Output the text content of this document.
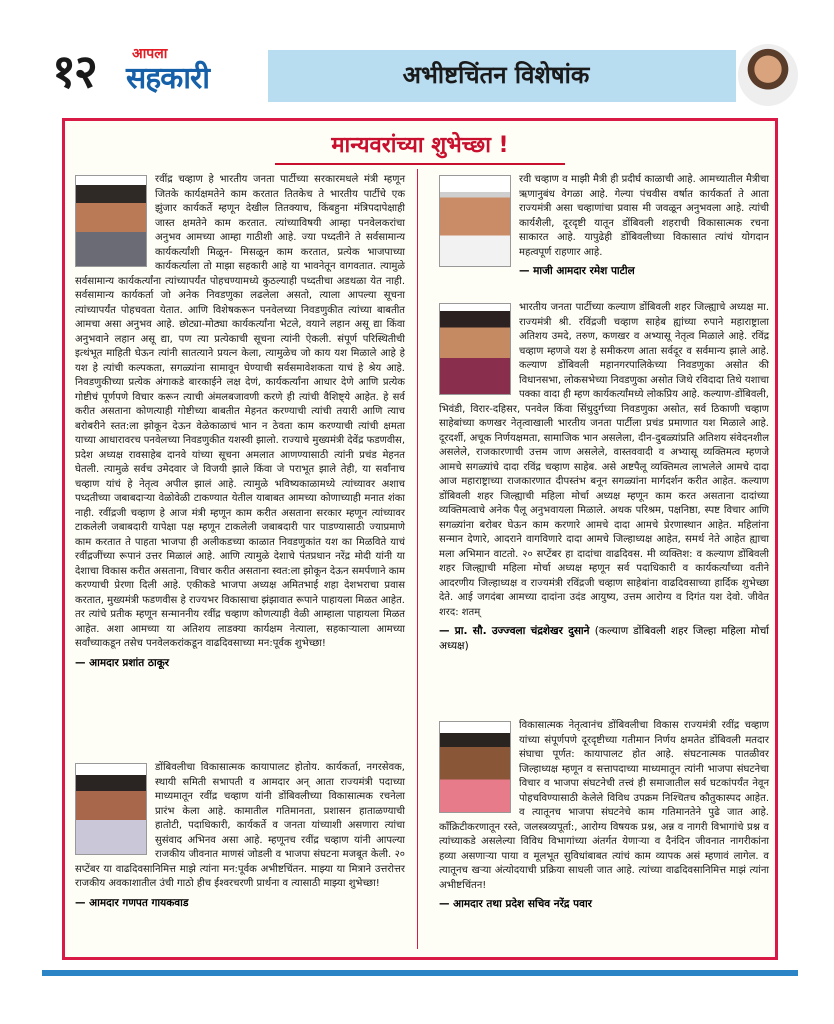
१२	आपला
सहकारी	अभीष्टचिंतन विशेषांक
मान्यवरांच्या शुभेच्छा !
रवींद्र चव्हाण हे भारतीय जनता पार्टीच्या सरकारमधले मंत्री म्हणून जितके कार्यक्षमतेने काम करतात तितकेच ते भारतीय पार्टीचे एक झुंजार कार्यकर्ते म्हणून देखील तितक्याच, किंबहुना मंत्रिपदापेक्षाही जास्त क्षमतेने काम करतात. त्यांच्याविषयी आम्हा पनवेलकरांचा अनुभव आमच्या आम्हा गाठीशी आहे. ज्या पध्दतीने ते सर्वसामान्य कार्यकर्त्यांशी मिळून- मिसळून काम करतात, प्रत्येक भाजपाच्या कार्यकर्त्याला तो माझा सहकारी आहे या भावनेतून वागवतात. त्यामुळे सर्वसामान्य कार्यकर्त्यांना त्यांच्यापर्यंत पोहचण्यामध्ये कुठल्याही पध्दतीचा अडथळा येत नाही. सर्वसामान्य कार्यकर्ता जो अनेक निवडणुका लढलेला असतो, त्याला आपल्या सूचना त्यांच्यापर्यंत पोहचवता येतात. आणि विशेषकरून पनवेलच्या निवडणुकीत त्यांच्या बाबतीत आमचा असा अनुभव आहे. छोट्या-मोठ्या कार्यकर्त्यांना भेटले, वयाने लहान असू द्या किंवा अनुभवाने लहान असू द्या, पण त्या प्रत्येकाची सूचना त्यांनी ऐकली. संपूर्ण परिस्थितीची इत्थंभूत माहिती घेऊन त्यांनी सातत्याने प्रयत्न केला, त्यामुळेच जो काय यश मिळाले आहे हे यश हे त्यांची कल्पकता, सगळ्यांना सामावून घेण्याची सर्वसमावेशकता याचं हे श्रेय आहे. निवडणुकीच्या प्रत्येक अंगाकडे बारकाईने लक्ष देणं, कार्यकर्त्यांना आधार देणे आणि प्रत्येक गोष्टीचं पूर्णपणे विचार करून त्याची अंमलबजावणी करणे ही त्यांची वैशिष्ट्ये आहेत. हे सर्व करीत असताना कोणत्याही गोष्टीच्या बाबतीत मेहनत करण्याची त्यांची तयारी आणि त्याच बरोबरीने स्तत:ला झोकून देऊन वेळेकाळाचं भान न ठेवता काम करण्याची त्यांची क्षमता याच्या आधारावरच पनवेलच्या निवडणुकीत यशस्वी झालो. राज्याचे मुख्यमंत्री देवेंद्र फडणवीस, प्रदेश अध्यक्ष रावसाहेब दानवे यांच्या सूचना अमलात आणण्यासाठी त्यांनी प्रचंड मेहनत घेतली. त्यामुळे सर्वच उमेदवार जे विजयी झाले किंवा जे पराभूत झाले तेही, या सर्वांनाच चव्हाण यांचं हे नेतृत्व अपील झालं आहे. त्यामुळे भविष्यकाळामध्ये त्यांच्यावर अशाच पध्दतीच्या जबाबदाऱ्या वेळोवेळी टाकण्यात येतील याबाबत आमच्या कोणाच्याही मनात शंका नाही. रवींद्रजी चव्हाण हे आज मंत्री म्हणून काम करीत असताना सरकार म्हणून त्यांच्यावर टाकलेली जबाबदारी यापेक्षा पक्ष म्हणून टाकलेली जबाबदारी पार पाडण्यासाठी ज्याप्रमाणे काम करतात ते पाहता भाजपा ही अलीकडच्या काळात निवडणुकांत यश का मिळविते याचं रवींद्रजींच्या रूपानं उत्तर मिळालं आहे. आणि त्यामुळे देशाचे पंतप्रधान नरेंद्र मोदी यांनी या देशाचा विकास करीत असताना, विचार करीत असताना स्वत:ला झोकून देऊन समर्पणाने काम करण्याची प्रेरणा दिली आहे. एकीकडे भाजपा अध्यक्ष अमितभाई शहा देशभराचा प्रवास करतात, मुख्यमंत्री फडणवीस हे राज्यभर विकासाचा झंझावात रूपाने पाहायला मिळत आहेत. तर त्यांचे प्रतीक म्हणून सन्माननीय रवींद्र चव्हाण कोणत्याही वेळी आम्हाला पाहायला मिळत आहेत. अशा आमच्या या अतिशय लाडक्या कार्यक्षम नेत्याला, सहकाऱ्याला आमच्या सर्वांच्याकडून तसेच पनवेलकरांकडून वाढदिवसाच्या मन:पूर्वक शुभेच्छा!
— आमदार प्रशांत ठाकूर
डोंबिवलीचा विकासात्मक कायापालट होतोय. कार्यकर्ता, नगरसेवक, स्थायी समिती सभापती व आमदार अन् आता राज्यमंत्री पदाच्या माध्यमातून रवींद्र चव्हाण यांनी डोंबिवलीच्या विकासात्मक रचनेला प्रारंभ केला आहे. कामातील गतिमानता, प्रशासन हाताळण्याची हातोटी, पदाधिकारी, कार्यकर्ते व जनता यांच्याशी असणारा त्यांचा सुसंवाद अभिनव असा आहे. म्हणूनच रवींद्र चव्हाण यांनी आपल्या राजकीय जीवनात माणसं जोडली व भाजपा संघटना मजबूत केली. २० सप्टेंबर या वाढदिवसानिमित्त माझे त्यांना मन:पूर्वक अभीष्टचिंतन. माझ्या या मित्राने उत्तरोत्तर राजकीय अवकाशातील उंची गाठो हीच ईश्वरचरणी प्रार्थना व त्यासाठी माझ्या शुभेच्छा!
— आमदार गणपत गायकवाड
रवी चव्हाण व माझी मैत्री ही प्रदीर्घ काळाची आहे. आमच्यातील मैत्रीचा ऋणानुबंध वेगळा आहे. गेल्या पंचवीस वर्षात कार्यकर्ता ते आता राज्यमंत्री असा चव्हाणांचा प्रवास मी जवळून अनुभवला आहे. त्यांची कार्यशैली, दूरदृष्टी यातून डोंबिवली शहराची विकासात्मक रचना साकारत आहे. यापुढेही डोंबिवलीच्या विकासात त्यांचं योगदान महत्वपूर्ण राहणार आहे.
— माजी आमदार रमेश पाटील
भारतीय जनता पार्टीच्या कल्याण डोंबिवली शहर जिल्ह्याचे अध्यक्ष मा. राज्यमंत्री श्री. रविंद्रजी चव्हाण साहेब ह्यांच्या रुपाने महाराष्ट्राला अतिशय उमदे, तरुण, कणखर व अभ्यासू नेतृत्व मिळाले आहे. रविंद्र चव्हाण म्हणजे यश हे समीकरण आता सर्वदूर व सर्वमान्य झाले आहे. कल्याण डोंबिवली महानगरपालिकेच्या निवडणुका असोत की विधानसभा, लोकसभेच्या निवडणुका असोत जिथे रविदादा तिथे यशाचा पक्का वादा ही म्हण कार्यकर्त्यांमध्ये लोकप्रिय आहे. कल्याण-डोंबिवली, भिवंडी, विरार-दहिसर, पनवेल किंवा सिंधुदुर्गच्या निवडणुका असोत, सर्व ठिकाणी चव्हाण साहेबांच्या कणखर नेतृत्वाखाली भारतीय जनता पार्टीला प्रचंड प्रमाणात यश मिळाले आहे. दूरदर्शी, अचूक निर्णयक्षमता, सामाजिक भान असलेला, दीन-दुबळ्यांप्रति अतिशय संवेदनशील असलेले, राजकारणाची उत्तम जाण असलेले, वास्तववादी व अभ्यासू व्यक्तिमत्व म्हणजे आमचे सगळ्यांचे दादा रविंद्र चव्हाण साहेब. असे अष्टपैलू व्यक्तिमत्व लाभलेले आमचे दादा आज महाराष्ट्राच्या राजकारणात दीपस्तंभ बनून सगळ्यांना मार्गदर्शन करीत आहेत. कल्याण डोंबिवली शहर जिल्ह्याची महिला मोर्चा अध्यक्ष म्हणून काम करत असताना दादांच्या व्यक्तिमत्वाचे अनेक पैलू अनुभवायला मिळाले. अथक परिश्रम, पक्षनिष्ठा, स्पष्ट विचार आणि सगळ्यांना बरोबर घेऊन काम करणारे आमचे दादा आमचे प्रेरणास्थान आहेत. महिलांना सन्मान देणारे, आदराने वागविणारे दादा आमचे जिल्हाध्यक्ष आहेत, समर्थ नेते आहेत ह्याचा मला अभिमान वाटतो. २० सप्टेंबर हा दादांचा वाढदिवस. मी व्यक्तिश: व कल्याण डोंबिवली शहर जिल्ह्याची महिला मोर्चा अध्यक्ष म्हणून सर्व पदाधिकारी व कार्यकर्त्यांच्या वतीने आदरणीय जिल्हाध्यक्ष व राज्यमंत्री रविंद्रजी चव्हाण साहेबांना वाढदिवसाच्या हार्दिक शुभेच्छा देते. आई जगदंबा आमच्या दादांना उदंड आयुष्य, उत्तम आरोग्य व दिगंत यश देवो. जीवेत शरद: शतम्
— प्रा. सौ. उज्ज्वला चंद्रशेखर दुसाने (कल्याण डोंबिवली शहर जिल्हा महिला मोर्चा अध्यक्ष)
विकासात्मक नेतृत्वानंच डोंबिवलीचा विकास राज्यमंत्री रवींद्र चव्हाण यांच्या संपूर्णपणे दूरदृष्टीच्या गतीमान निर्णय क्षमतेत डोंबिवली मतदार संघाचा पूर्णत: कायापालट होत आहे. संघटनात्मक पातळीवर जिल्हाध्यक्ष म्हणून व सत्तापदाच्या माध्यमातून त्यांनी भाजपा संघटनेचा विचार व भाजपा संघटनेची तत्त्वं ही समाजातील सर्व घटकांपर्यंत नेवून पोहचविण्यासाठी केलेले विविध उपक्रम निश्चितच कौतुकास्पद आहेत. व त्यातूनच भाजपा संघटनेचे काम गतिमानतेने पुढे जात आहे. कॉंक्रिटीकरणातून रस्ते, जलस्त्रव्यपूर्ता:, आरोग्य विषयक प्रश्न, अन्न व नागरी विभागांचे प्रश्न व त्यांच्याकडे असलेल्या विविध विभागांच्या अंतर्गत येणाऱ्या व दैनंदिन जीवनात नागरीकांना हव्या असणाऱ्या पाया व मूलभूत सुविधांबाबत त्यांचं काम व्यापक असं म्हणावं लागेल. व त्यातूनच खऱ्या अंत्योदयाची प्रक्रिया साधली जात आहे. त्यांच्या वाढदिवसानिमित्त माझं त्यांना अभीष्टचिंतन!
— आमदार तथा प्रदेश सचिव नरेंद्र पवार
